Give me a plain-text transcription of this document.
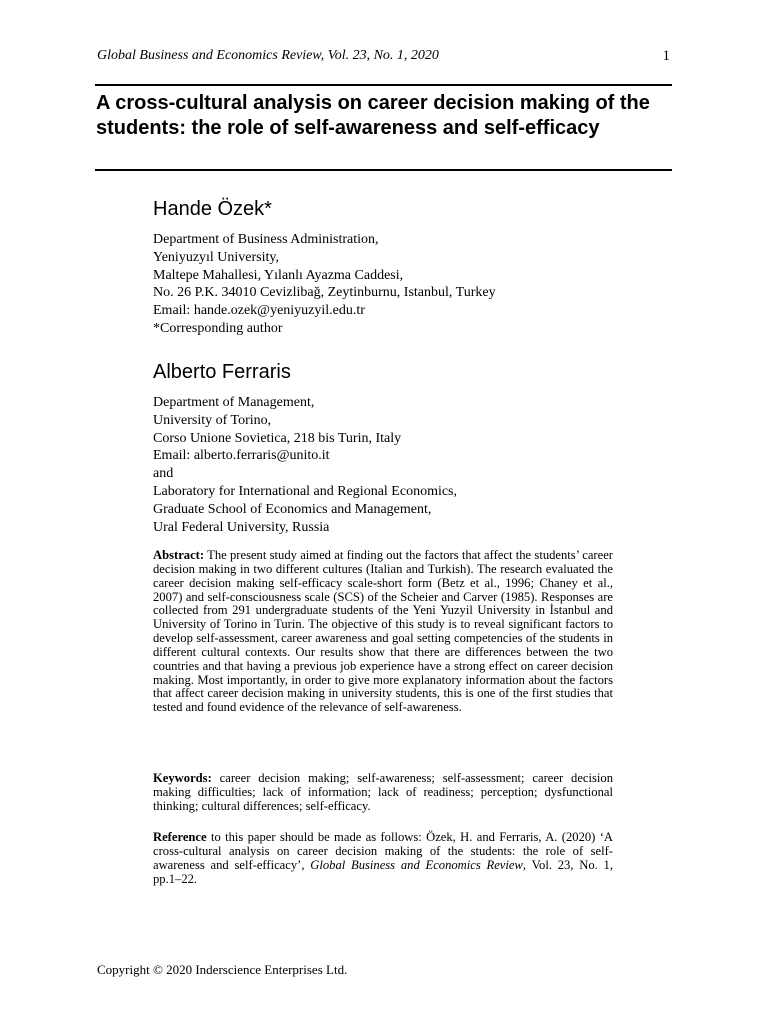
Global Business and Economics Review, Vol. 23, No. 1, 2020	1
A cross-cultural analysis on career decision making of the students: the role of self-awareness and self-efficacy
Hande Özek*
Department of Business Administration,
Yeniyuzyıl University,
Maltepe Mahallesi, Yılanlı Ayazma Caddesi,
No. 26 P.K. 34010 Cevizlibağ, Zeytinburnu, Istanbul, Turkey
Email: hande.ozek@yeniyuzyil.edu.tr
*Corresponding author
Alberto Ferraris
Department of Management,
University of Torino,
Corso Unione Sovietica, 218 bis Turin, Italy
Email: alberto.ferraris@unito.it
and
Laboratory for International and Regional Economics,
Graduate School of Economics and Management,
Ural Federal University, Russia
Abstract: The present study aimed at finding out the factors that affect the students’ career decision making in two different cultures (Italian and Turkish). The research evaluated the career decision making self-efficacy scale-short form (Betz et al., 1996; Chaney et al., 2007) and self-consciousness scale (SCS) of the Scheier and Carver (1985). Responses are collected from 291 undergraduate students of the Yeni Yuzyil University in İstanbul and University of Torino in Turin. The objective of this study is to reveal significant factors to develop self-assessment, career awareness and goal setting competencies of the students in different cultural contexts. Our results show that there are differences between the two countries and that having a previous job experience have a strong effect on career decision making. Most importantly, in order to give more explanatory information about the factors that affect career decision making in university students, this is one of the first studies that tested and found evidence of the relevance of self-awareness.
Keywords: career decision making; self-awareness; self-assessment; career decision making difficulties; lack of information; lack of readiness; perception; dysfunctional thinking; cultural differences; self-efficacy.
Reference to this paper should be made as follows: Özek, H. and Ferraris, A. (2020) ‘A cross-cultural analysis on career decision making of the students: the role of self-awareness and self-efficacy’, Global Business and Economics Review, Vol. 23, No. 1, pp.1–22.
Copyright © 2020 Inderscience Enterprises Ltd.
